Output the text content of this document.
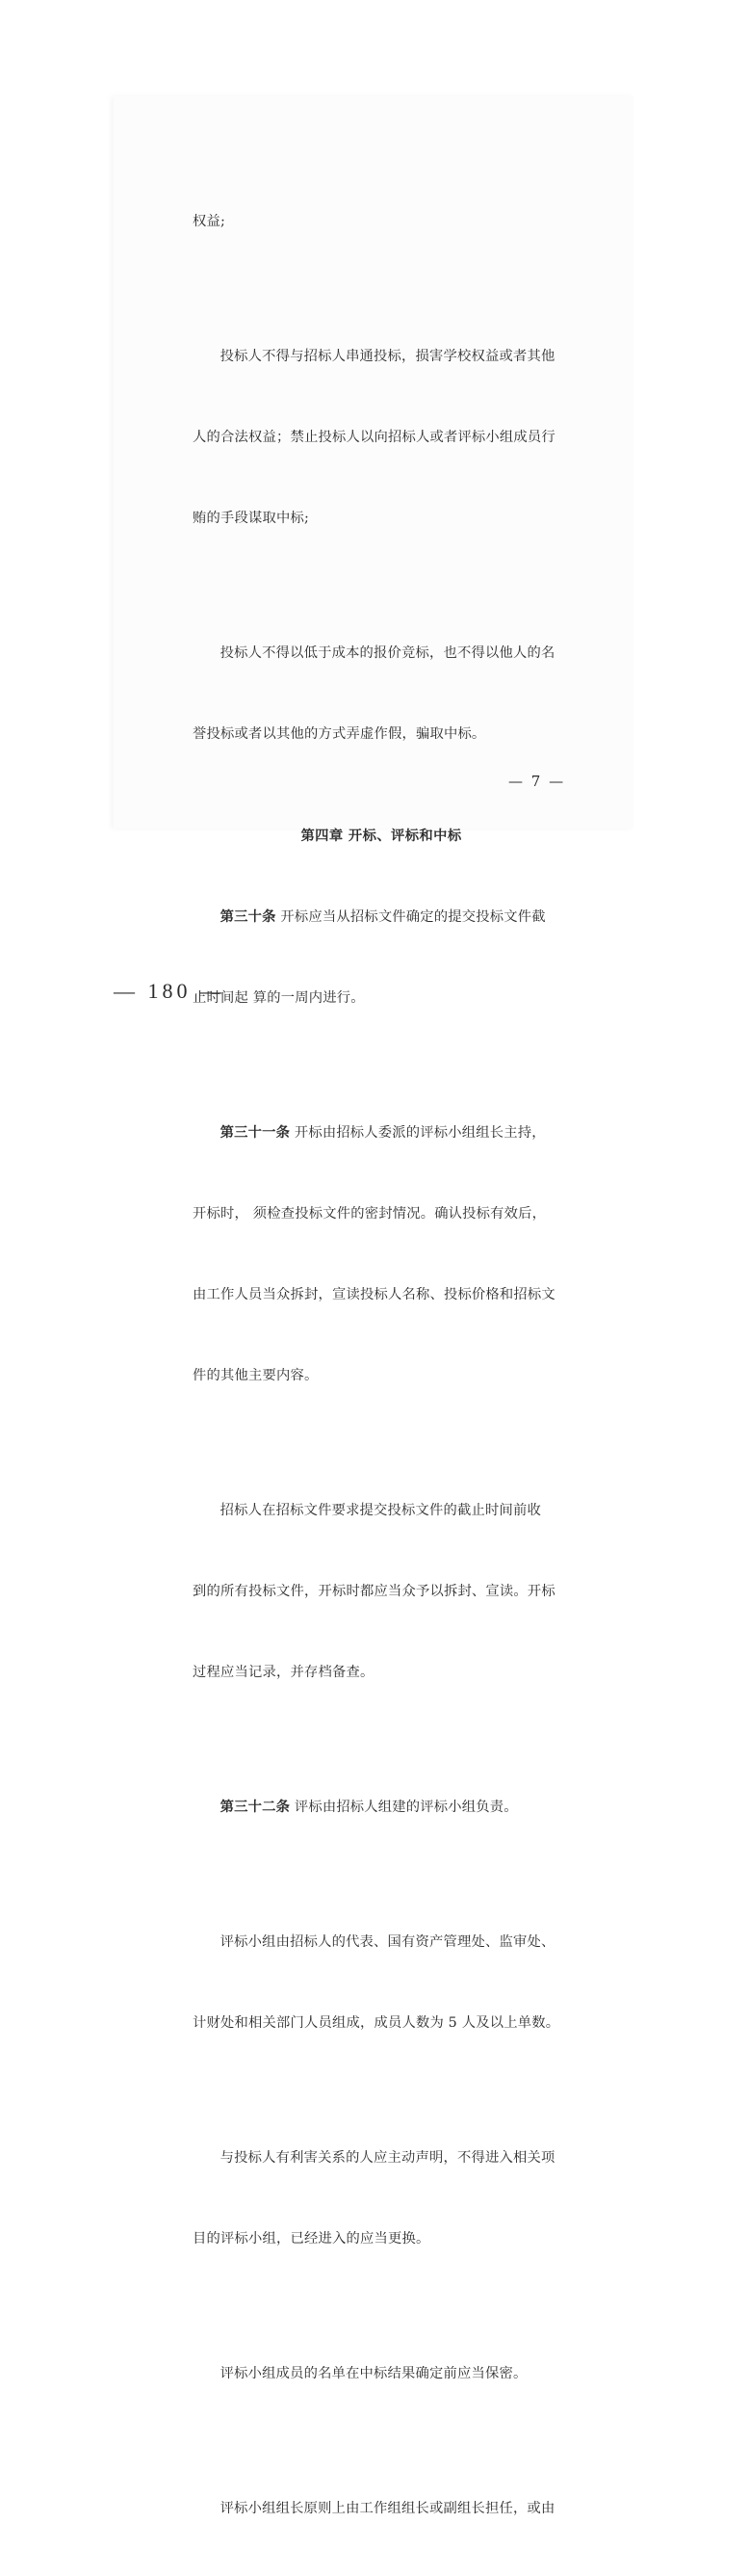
权益;

投标人不得与招标人串通投标，损害学校权益或者其他

人的合法权益；禁止投标人以向招标人或者评标小组成员行

贿的手段谋取中标;

投标人不得以低于成本的报价竞标，也不得以他人的名

誉投标或者以其他的方式弄虚作假，骗取中标。

第四章 开标、评标和中标

第三十条 开标应当从招标文件确定的提交投标文件截

止时间起 算的一周内进行。

第三十一条 开标由招标人委派的评标小组组长主持，

开标时， 须检查投标文件的密封情况。确认投标有效后，

由工作人员当众拆封，宣读投标人名称、投标价格和招标文

件的其他主要内容。

招标人在招标文件要求提交投标文件的截止时间前收

到的所有投标文件，开标时都应当众予以拆封、宣读。开标

过程应当记录，并存档备查。

第三十二条 评标由招标人组建的评标小组负责。

评标小组由招标人的代表、国有资产管理处、监审处、

计财处和相关部门人员组成，成员人数为 5 人及以上单数。

与投标人有利害关系的人应主动声明，不得进入相关项

目的评标小组，已经进入的应当更换。

评标小组成员的名单在中标结果确定前应当保密。

评标小组组长原则上由工作组组长或副组长担任，或由

— 7 —
— 180 —
